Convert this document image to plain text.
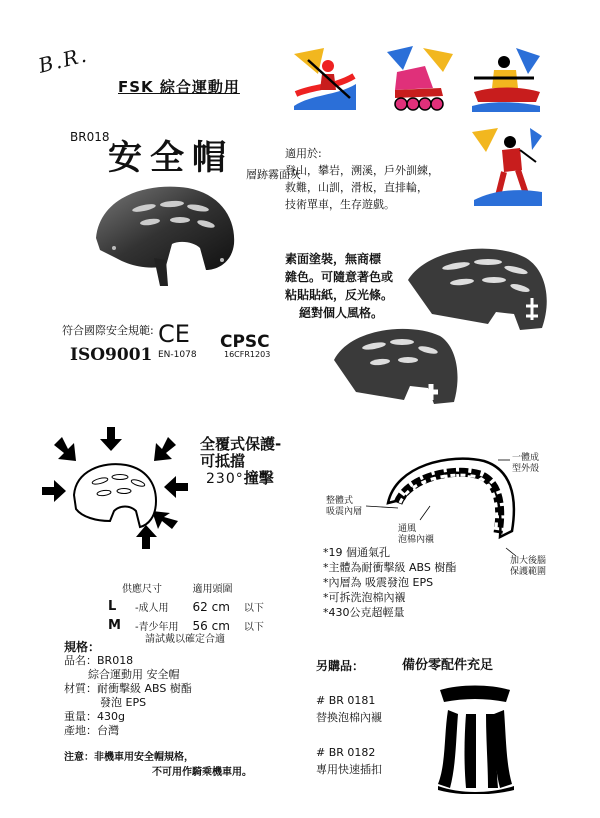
B.R.
FSK 綜合運動用
BR018
安全帽 層跡霧面灰
適用於:
登山，攀岩，溯溪，戶外訓練，
救難，山訓，滑板，直排輪，
技術單車，生存遊戲。
符合國際安全規範:
ISO9001
CE
EN-1078
CPSC
16CFR1203
素面塗裝，無商標
雜色。可隨意著色或
粘貼貼紙，反光條。
絕對個人風格。
全覆式保護-
可抵擋
230°撞擊
一體成
型外殼
整體式
吸震內層
通風
泡棉內襯
加大後腦
保護範圍
*19 個通氣孔
*主體為耐衝擊級 ABS 樹酯
*內層為 吸震發泡 EPS
*可拆洗泡棉內襯
*430公克超輕量
供應尺寸		適用頭圍	
L	-成人用	62 cm	以下
M	-青少年用	56 cm	以下
請試戴以確定合適
規格：
品名：BR018
綜合運動用 安全帽
材質：耐衝擊級 ABS 樹酯
發泡 EPS
重量：430g
產地：台灣
注意：非機車用安全帽規格，
不可用作騎乘機車用。
另購品：	備份零配件充足
# BR 0181
替換泡棉內襯
# BR 0182
專用快速插扣
